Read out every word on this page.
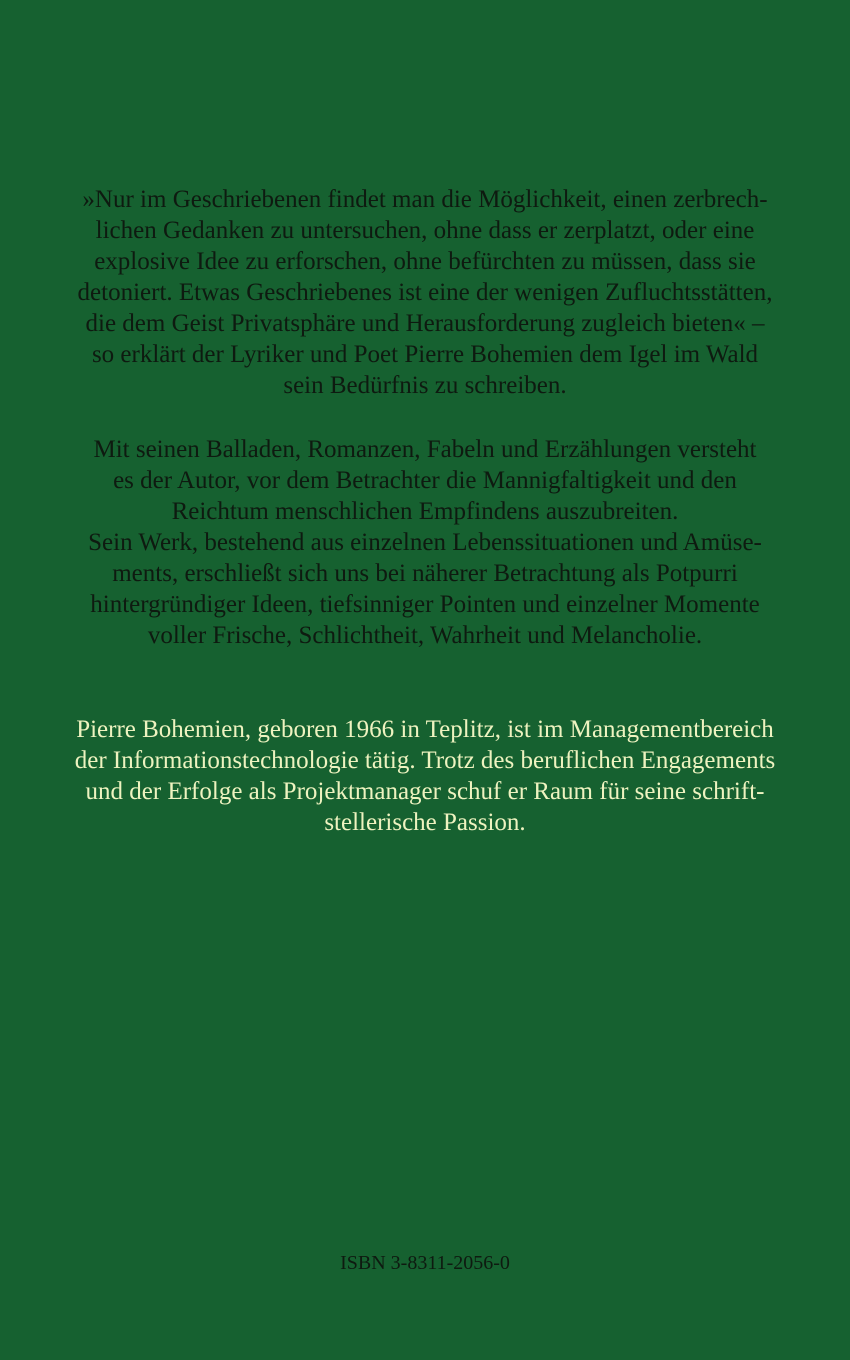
»Nur im Geschriebenen findet man die Möglichkeit, einen zerbrech-
lichen Gedanken zu untersuchen, ohne dass er zerplatzt, oder eine
explosive Idee zu erforschen, ohne befürchten zu müssen, dass sie
detoniert. Etwas Geschriebenes ist eine der wenigen Zufluchtsstätten,
die dem Geist Privatsphäre und Herausforderung zugleich bieten« –
so erklärt der Lyriker und Poet Pierre Bohemien dem Igel im Wald
sein Bedürfnis zu schreiben.

Mit seinen Balladen, Romanzen, Fabeln und Erzählungen versteht
es der Autor, vor dem Betrachter die Mannigfaltigkeit und den
Reichtum menschlichen Empfindens auszubreiten.
Sein Werk, bestehend aus einzelnen Lebenssituationen und Amüse-
ments, erschließt sich uns bei näherer Betrachtung als Potpurri
hintergründiger Ideen, tiefsinniger Pointen und einzelner Momente
voller Frische, Schlichtheit, Wahrheit und Melancholie.

Pierre Bohemien, geboren 1966 in Teplitz, ist im Managementbereich
der Informationstechnologie tätig. Trotz des beruflichen Engagements
und der Erfolge als Projektmanager schuf er Raum für seine schrift-
stellerische Passion.

ISBN 3-8311-2056-0
